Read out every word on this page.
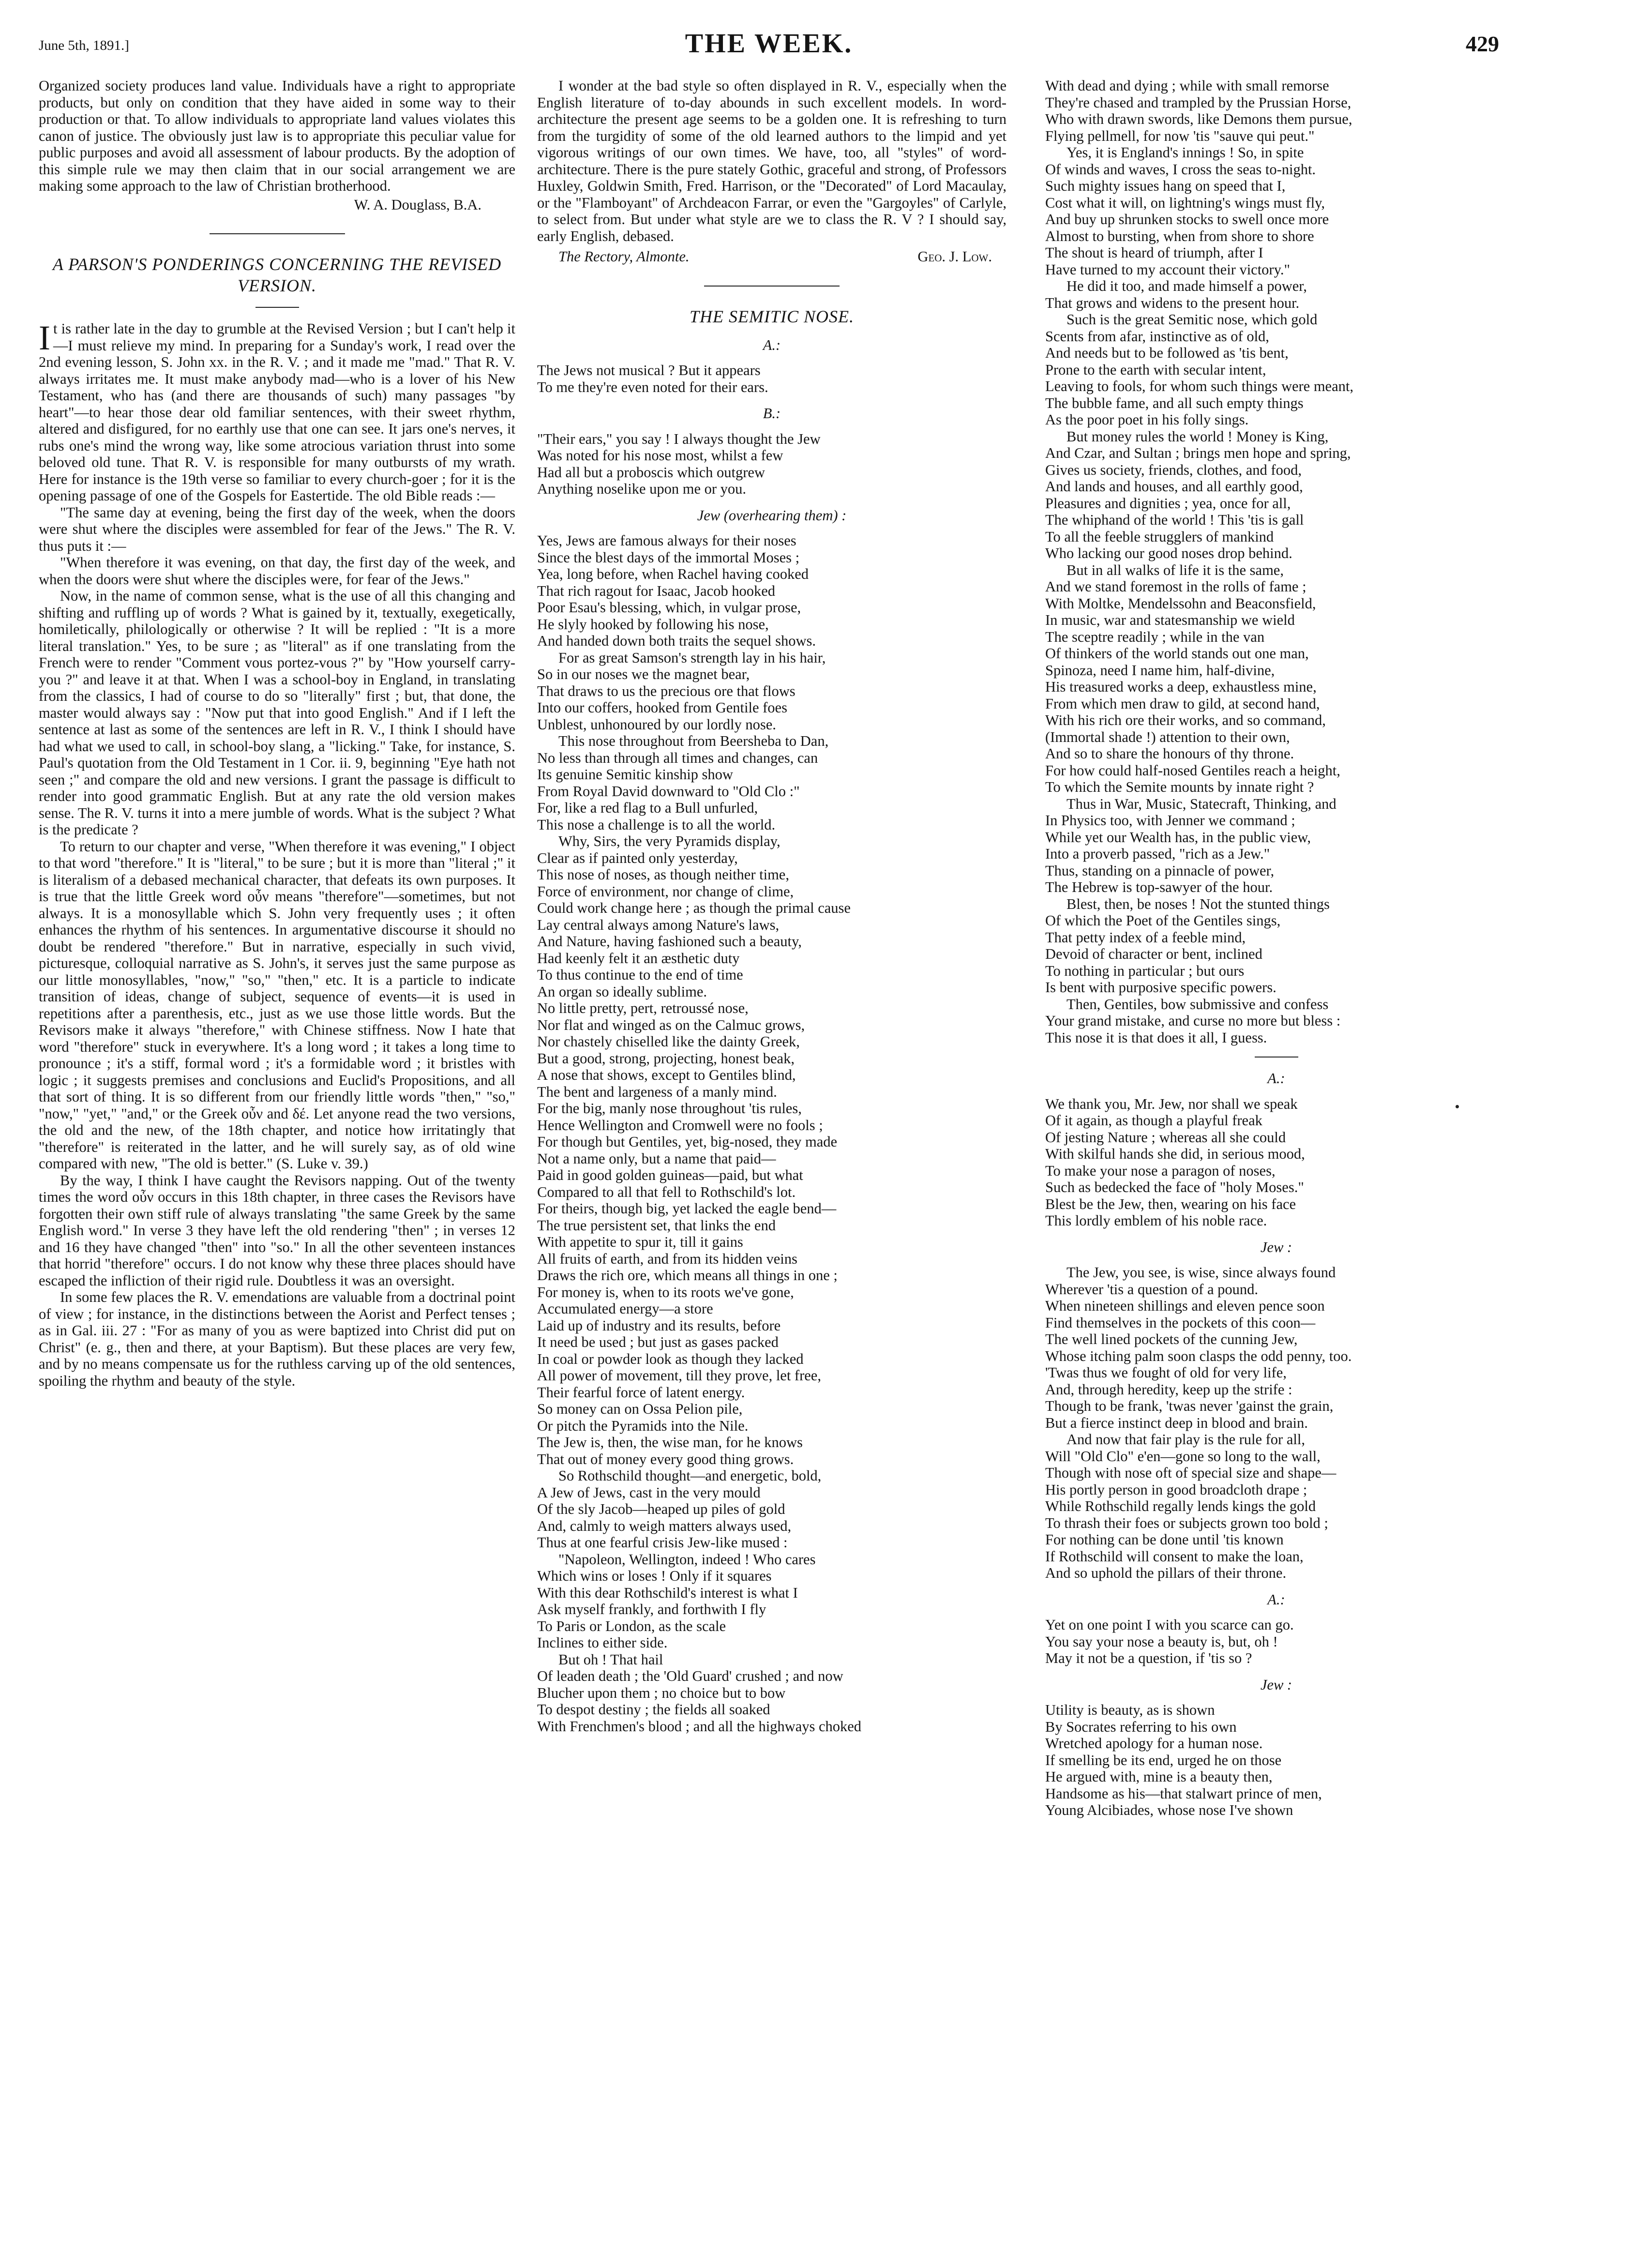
June 5th, 1891.]	THE WEEK.	429

Organized society produces land value. Individuals have a right to appropriate products, but only on condition that they have aided in some way to their production or that. To allow individuals to appropriate land values violates this canon of justice. The obviously just law is to appropriate this peculiar value for public purposes and avoid all assessment of labour products. By the adoption of this simple rule we may then claim that in our social arrangement we are making some approach to the law of Christian brotherhood.

W. A. Douglass, B.A.

A PARSON'S PONDERINGS CONCERNING THE REVISED VERSION.

It is rather late in the day to grumble at the Revised Version ; but I can't help it—I must relieve my mind. In preparing for a Sunday's work, I read over the 2nd evening lesson, S. John xx. in the R. V. ; and it made me "mad." That R. V. always irritates me. It must make anybody mad—who is a lover of his New Testament, who has (and there are thousands of such) many passages "by heart"—to hear those dear old familiar sentences, with their sweet rhythm, altered and disfigured, for no earthly use that one can see. It jars one's nerves, it rubs one's mind the wrong way, like some atrocious variation thrust into some beloved old tune. That R. V. is responsible for many outbursts of my wrath. Here for instance is the 19th verse so familiar to every church-goer ; for it is the opening passage of one of the Gospels for Eastertide. The old Bible reads :—

"The same day at evening, being the first day of the week, when the doors were shut where the disciples were assembled for fear of the Jews." The R. V. thus puts it :—

"When therefore it was evening, on that day, the first day of the week, and when the doors were shut where the disciples were, for fear of the Jews."

Now, in the name of common sense, what is the use of all this changing and shifting and ruffling up of words ? What is gained by it, textually, exegetically, homiletically, philologically or otherwise ? It will be replied : "It is a more literal translation." Yes, to be sure ; as "literal" as if one translating from the French were to render "Comment vous portez-vous ?" by "How yourself carry-you ?" and leave it at that. When I was a school-boy in England, in translating from the classics, I had of course to do so "literally" first ; but, that done, the master would always say : "Now put that into good English." And if I left the sentence at last as some of the sentences are left in R. V., I think I should have had what we used to call, in school-boy slang, a "licking." Take, for instance, S. Paul's quotation from the Old Testament in 1 Cor. ii. 9, beginning "Eye hath not seen ;" and compare the old and new versions. I grant the passage is difficult to render into good grammatic English. But at any rate the old version makes sense. The R. V. turns it into a mere jumble of words. What is the subject ? What is the predicate ?

To return to our chapter and verse, "When therefore it was evening," I object to that word "therefore." It is "literal," to be sure ; but it is more than "literal ;" it is literalism of a debased mechanical character, that defeats its own purposes. It is true that the little Greek word οὖν means "therefore"—sometimes, but not always. It is a monosyllable which S. John very frequently uses ; it often enhances the rhythm of his sentences. In argumentative discourse it should no doubt be rendered "therefore." But in narrative, especially in such vivid, picturesque, colloquial narrative as S. John's, it serves just the same purpose as our little monosyllables, "now," "so," "then," etc. It is a particle to indicate transition of ideas, change of subject, sequence of events—it is used in repetitions after a parenthesis, etc., just as we use those little words. But the Revisors make it always "therefore," with Chinese stiffness. Now I hate that word "therefore" stuck in everywhere. It's a long word ; it takes a long time to pronounce ; it's a stiff, formal word ; it's a formidable word ; it bristles with logic ; it suggests premises and conclusions and Euclid's Propositions, and all that sort of thing. It is so different from our friendly little words "then," "so," "now," "yet," "and," or the Greek οὖν and δέ. Let anyone read the two versions, the old and the new, of the 18th chapter, and notice how irritatingly that "therefore" is reiterated in the latter, and he will surely say, as of old wine compared with new, "The old is better." (S. Luke v. 39.)

By the way, I think I have caught the Revisors napping. Out of the twenty times the word οὖν occurs in this 18th chapter, in three cases the Revisors have forgotten their own stiff rule of always translating "the same Greek by the same English word." In verse 3 they have left the old rendering "then" ; in verses 12 and 16 they have changed "then" into "so." In all the other seventeen instances that horrid "therefore" occurs. I do not know why these three places should have escaped the infliction of their rigid rule. Doubtless it was an oversight.

In some few places the R. V. emendations are valuable from a doctrinal point of view ; for instance, in the distinctions between the Aorist and Perfect tenses ; as in Gal. iii. 27 : "For as many of you as were baptized into Christ did put on Christ" (e. g., then and there, at your Baptism). But these places are very few, and by no means compensate us for the ruthless carving up of the old sentences, spoiling the rhythm and beauty of the style.

I wonder at the bad style so often displayed in R. V., especially when the English literature of to-day abounds in such excellent models. In word-architecture the present age seems to be a golden one. It is refreshing to turn from the turgidity of some of the old learned authors to the limpid and yet vigorous writings of our own times. We have, too, all "styles" of word-architecture. There is the pure stately Gothic, graceful and strong, of Professors Huxley, Goldwin Smith, Fred. Harrison, or the "Decorated" of Lord Macaulay, or the "Flamboyant" of Archdeacon Farrar, or even the "Gargoyles" of Carlyle, to select from. But under what style are we to class the R. V ? I should say, early English, debased.

The Rectory, Almonte.	Geo. J. Low.
THE SEMITIC NOSE.
A.:
The Jews not musical ? But it appears
To me they're even noted for their ears.
B.:
"Their ears," you say ! I always thought the Jew
Was noted for his nose most, whilst a few
Had all but a proboscis which outgrew
Anything noselike upon me or you.
Jew (overhearing them) :
Yes, Jews are famous always for their noses
Since the blest days of the immortal Moses ;
Yea, long before, when Rachel having cooked
That rich ragout for Isaac, Jacob hooked
Poor Esau's blessing, which, in vulgar prose,
He slyly hooked by following his nose,
And handed down both traits the sequel shows.
For as great Samson's strength lay in his hair,
So in our noses we the magnet bear,
That draws to us the precious ore that flows
Into our coffers, hooked from Gentile foes
Unblest, unhonoured by our lordly nose.
This nose throughout from Beersheba to Dan,
No less than through all times and changes, can
Its genuine Semitic kinship show
From Royal David downward to "Old Clo :"
For, like a red flag to a Bull unfurled,
This nose a challenge is to all the world.
Why, Sirs, the very Pyramids display,
Clear as if painted only yesterday,
This nose of noses, as though neither time,
Force of environment, nor change of clime,
Could work change here ; as though the primal cause
Lay central always among Nature's laws,
And Nature, having fashioned such a beauty,
Had keenly felt it an æsthetic duty
To thus continue to the end of time
An organ so ideally sublime.
No little pretty, pert, retroussé nose,
Nor flat and winged as on the Calmuc grows,
Nor chastely chiselled like the dainty Greek,
But a good, strong, projecting, honest beak,
A nose that shows, except to Gentiles blind,
The bent and largeness of a manly mind.
For the big, manly nose throughout 'tis rules,
Hence Wellington and Cromwell were no fools ;
For though but Gentiles, yet, big-nosed, they made
Not a name only, but a name that paid—
Paid in good golden guineas—paid, but what
Compared to all that fell to Rothschild's lot.
For theirs, though big, yet lacked the eagle bend—
The true persistent set, that links the end
With appetite to spur it, till it gains
All fruits of earth, and from its hidden veins
Draws the rich ore, which means all things in one ;
For money is, when to its roots we've gone,
Accumulated energy—a store
Laid up of industry and its results, before
It need be used ; but just as gases packed
In coal or powder look as though they lacked
All power of movement, till they prove, let free,
Their fearful force of latent energy.
So money can on Ossa Pelion pile,
Or pitch the Pyramids into the Nile.
The Jew is, then, the wise man, for he knows
That out of money every good thing grows.
So Rothschild thought—and energetic, bold,
A Jew of Jews, cast in the very mould
Of the sly Jacob—heaped up piles of gold
And, calmly to weigh matters always used,
Thus at one fearful crisis Jew-like mused :
"Napoleon, Wellington, indeed ! Who cares
Which wins or loses ! Only if it squares
With this dear Rothschild's interest is what I
Ask myself frankly, and forthwith I fly
To Paris or London, as the scale
Inclines to either side.
But oh ! That hail
Of leaden death ; the 'Old Guard' crushed ; and now
Blucher upon them ; no choice but to bow
To despot destiny ; the fields all soaked
With Frenchmen's blood ; and all the highways choked
With dead and dying ; while with small remorse
They're chased and trampled by the Prussian Horse,
Who with drawn swords, like Demons them pursue,
Flying pellmell, for now 'tis "sauve qui peut."
Yes, it is England's innings ! So, in spite
Of winds and waves, I cross the seas to-night.
Such mighty issues hang on speed that I,
Cost what it will, on lightning's wings must fly,
And buy up shrunken stocks to swell once more
Almost to bursting, when from shore to shore
The shout is heard of triumph, after I
Have turned to my account their victory."
He did it too, and made himself a power,
That grows and widens to the present hour.
Such is the great Semitic nose, which gold
Scents from afar, instinctive as of old,
And needs but to be followed as 'tis bent,
Prone to the earth with secular intent,
Leaving to fools, for whom such things were meant,
The bubble fame, and all such empty things
As the poor poet in his folly sings.
But money rules the world ! Money is King,
And Czar, and Sultan ; brings men hope and spring,
Gives us society, friends, clothes, and food,
And lands and houses, and all earthly good,
Pleasures and dignities ; yea, once for all,
The whiphand of the world ! This 'tis is gall
To all the feeble strugglers of mankind
Who lacking our good noses drop behind.
But in all walks of life it is the same,
And we stand foremost in the rolls of fame ;
With Moltke, Mendelssohn and Beaconsfield,
In music, war and statesmanship we wield
The sceptre readily ; while in the van
Of thinkers of the world stands out one man,
Spinoza, need I name him, half-divine,
His treasured works a deep, exhaustless mine,
From which men draw to gild, at second hand,
With his rich ore their works, and so command,
(Immortal shade !) attention to their own,
And so to share the honours of thy throne.
For how could half-nosed Gentiles reach a height,
To which the Semite mounts by innate right ?
Thus in War, Music, Statecraft, Thinking, and
In Physics too, with Jenner we command ;
While yet our Wealth has, in the public view,
Into a proverb passed, "rich as a Jew."
Thus, standing on a pinnacle of power,
The Hebrew is top-sawyer of the hour.
Blest, then, be noses ! Not the stunted things
Of which the Poet of the Gentiles sings,
That petty index of a feeble mind,
Devoid of character or bent, inclined
To nothing in particular ; but ours
Is bent with purposive specific powers.
Then, Gentiles, bow submissive and confess
Your grand mistake, and curse no more but bless :
This nose it is that does it all, I guess.
A.:
We thank you, Mr. Jew, nor shall we speak
Of it again, as though a playful freak
Of jesting Nature ; whereas all she could
With skilful hands she did, in serious mood,
To make your nose a paragon of noses,
Such as bedecked the face of "holy Moses."
Blest be the Jew, then, wearing on his face
This lordly emblem of his noble race.
Jew :
The Jew, you see, is wise, since always found
Wherever 'tis a question of a pound.
When nineteen shillings and eleven pence soon
Find themselves in the pockets of this coon—
The well lined pockets of the cunning Jew,
Whose itching palm soon clasps the odd penny, too.
'Twas thus we fought of old for very life,
And, through heredity, keep up the strife :
Though to be frank, 'twas never 'gainst the grain,
But a fierce instinct deep in blood and brain.
And now that fair play is the rule for all,
Will "Old Clo" e'en—gone so long to the wall,
Though with nose oft of special size and shape—
His portly person in good broadcloth drape ;
While Rothschild regally lends kings the gold
To thrash their foes or subjects grown too bold ;
For nothing can be done until 'tis known
If Rothschild will consent to make the loan,
And so uphold the pillars of their throne.
A.:
Yet on one point I with you scarce can go.
You say your nose a beauty is, but, oh !
May it not be a question, if 'tis so ?
Jew :
Utility is beauty, as is shown
By Socrates referring to his own
Wretched apology for a human nose.
If smelling be its end, urged he on those
He argued with, mine is a beauty then,
Handsome as his—that stalwart prince of men,
Young Alcibiades, whose nose I've shown
